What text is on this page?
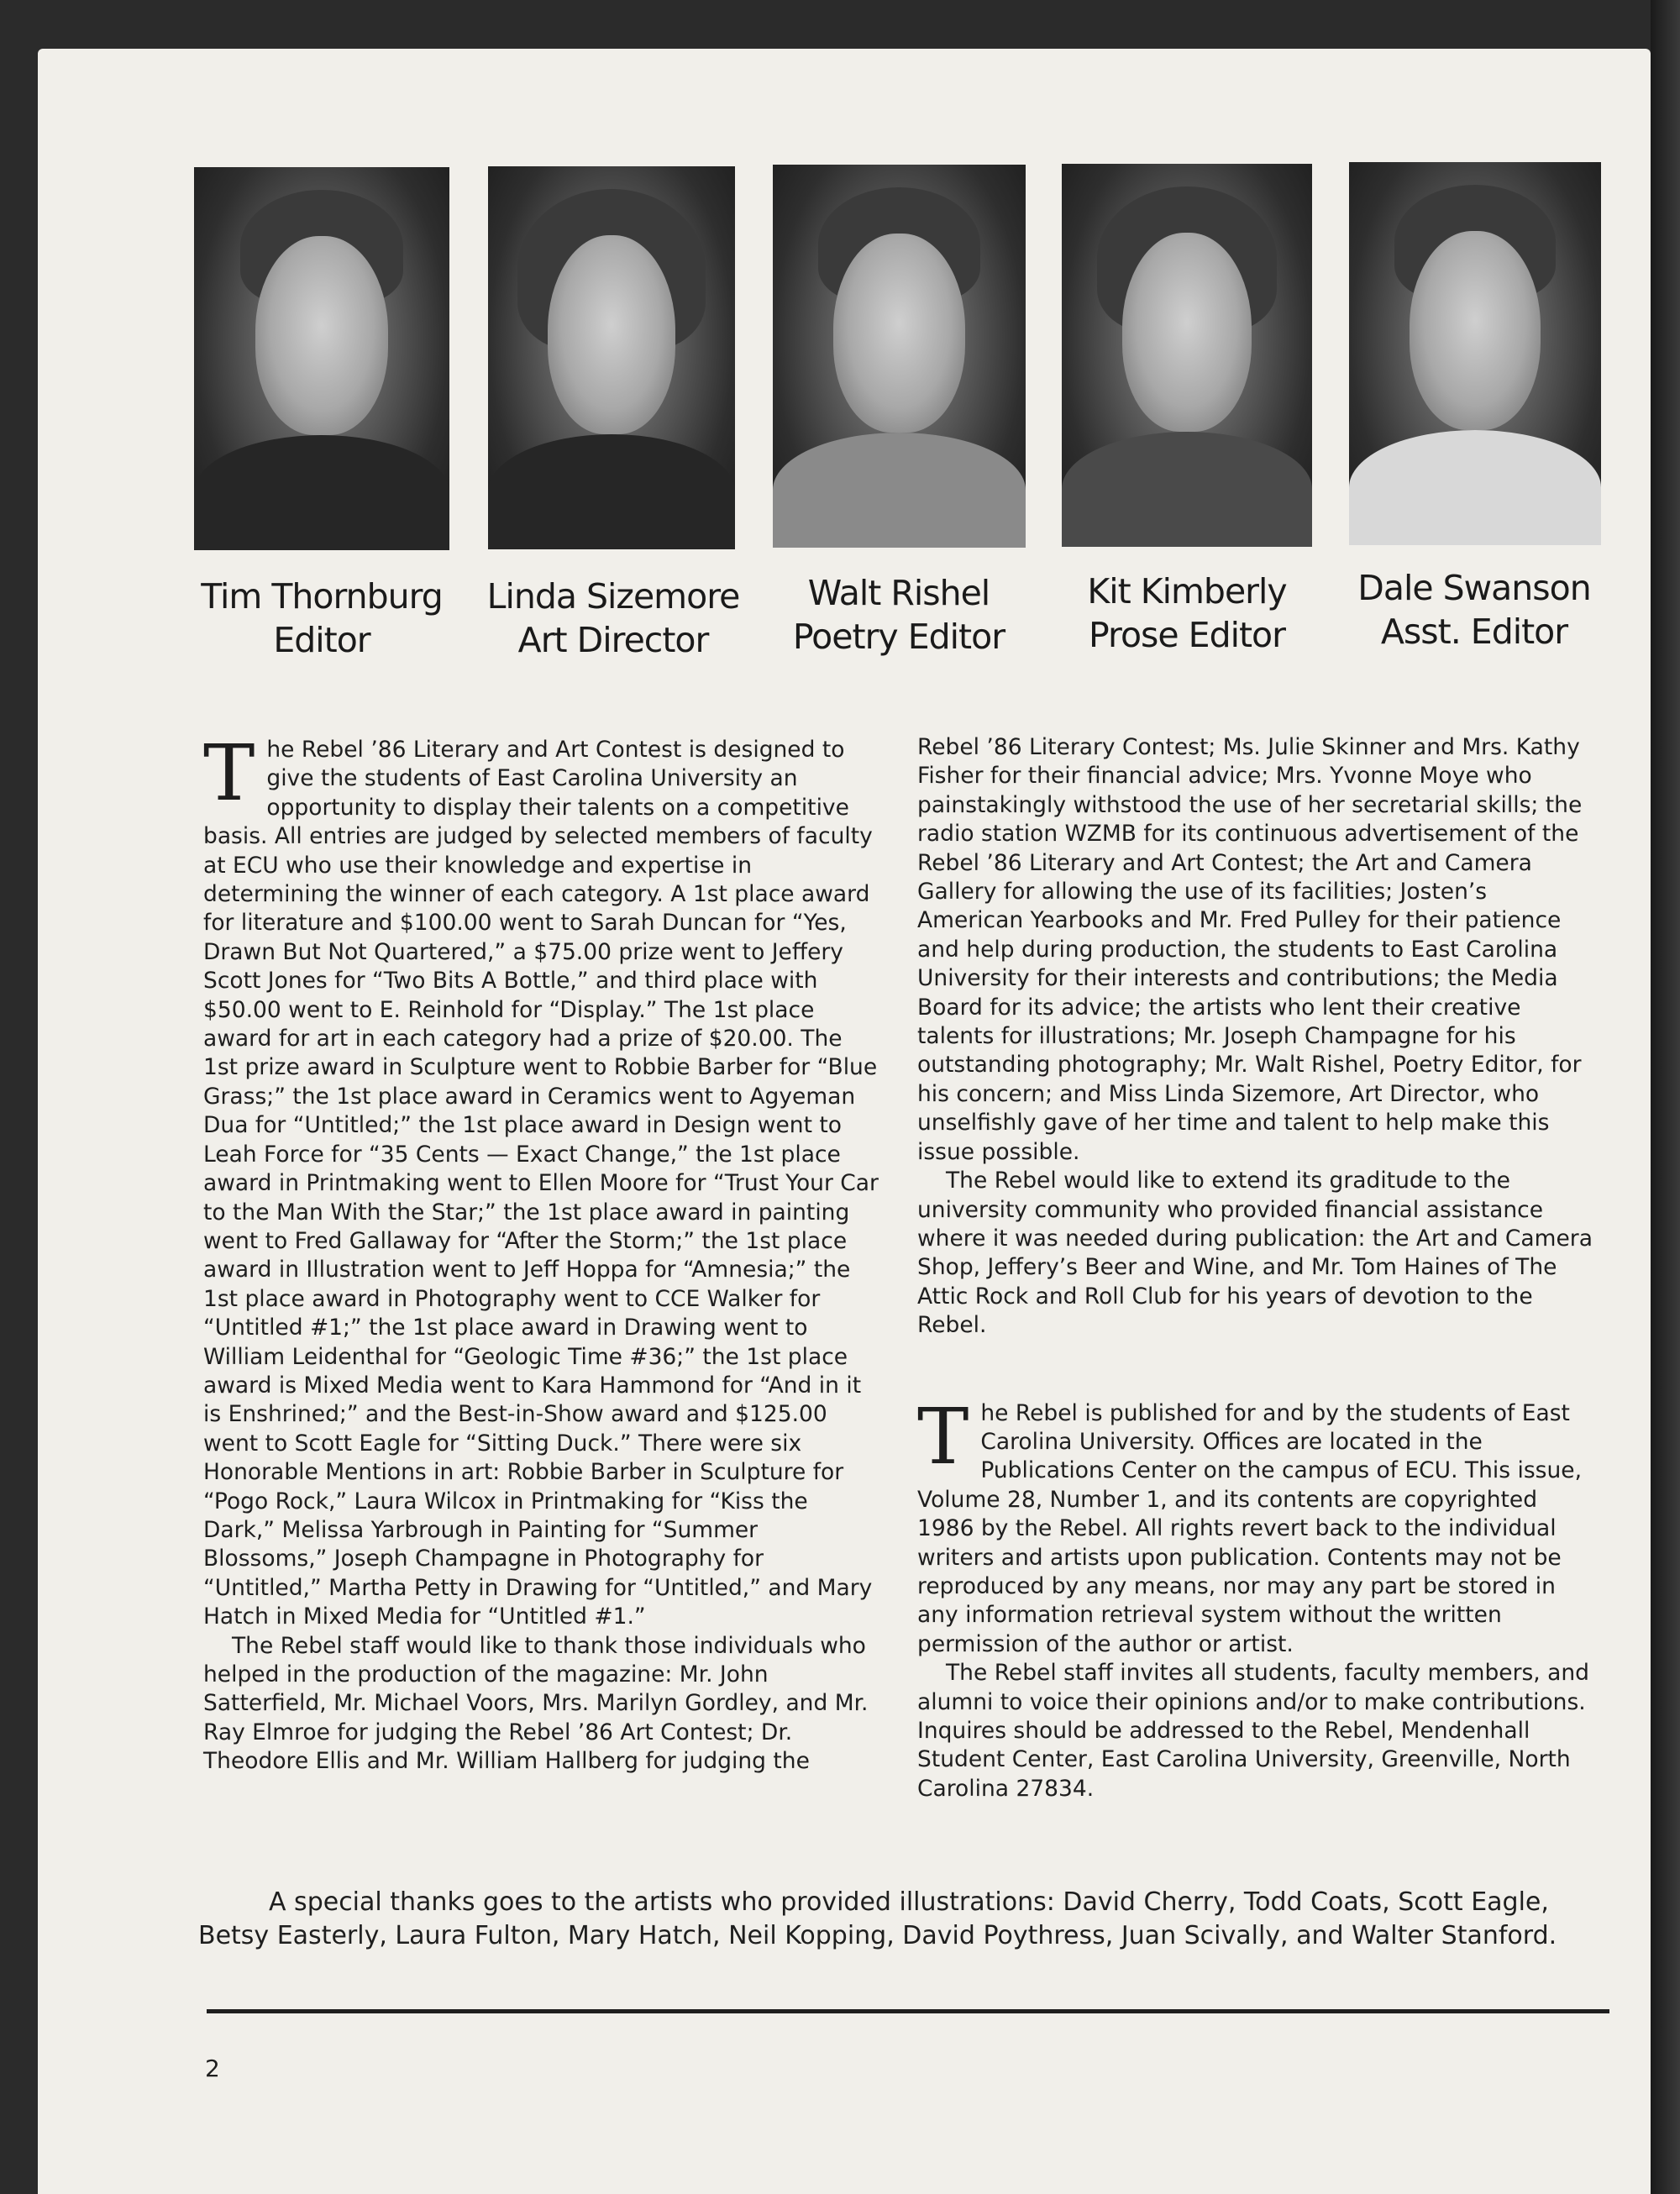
Tim Thornburg
Editor
Linda Sizemore
Art Director
Walt Rishel
Poetry Editor
Kit Kimberly
Prose Editor
Dale Swanson
Asst. Editor

The Rebel ’86 Literary and Art Contest is designed to give the students of East Carolina University an opportunity to display their talents on a competitive basis. All entries are judged by selected members of faculty at ECU who use their knowledge and expertise in determining the winner of each category. A 1st place award for literature and $100.00 went to Sarah Duncan for “Yes, Drawn But Not Quartered,” a $75.00 prize went to Jeffery Scott Jones for “Two Bits A Bottle,” and third place with $50.00 went to E. Reinhold for “Display.” The 1st place award for art in each category had a prize of $20.00. The 1st prize award in Sculpture went to Robbie Barber for “Blue Grass;” the 1st place award in Ceramics went to Agyeman Dua for “Untitled;” the 1st place award in Design went to Leah Force for “35 Cents — Exact Change,” the 1st place award in Printmaking went to Ellen Moore for “Trust Your Car to the Man With the Star;” the 1st place award in painting went to Fred Gallaway for “After the Storm;” the 1st place award in Illustration went to Jeff Hoppa for “Amnesia;” the 1st place award in Photography went to CCE Walker for “Untitled #1;” the 1st place award in Drawing went to William Leidenthal for “Geologic Time #36;” the 1st place award is Mixed Media went to Kara Hammond for “And in it is Enshrined;” and the Best-in-Show award and $125.00 went to Scott Eagle for “Sitting Duck.” There were six Honorable Mentions in art: Robbie Barber in Sculpture for “Pogo Rock,” Laura Wilcox in Printmaking for “Kiss the Dark,” Melissa Yarbrough in Painting for “Summer Blossoms,” Joseph Champagne in Photography for “Untitled,” Martha Petty in Drawing for “Untitled,” and Mary Hatch in Mixed Media for “Untitled #1.”

The Rebel staff would like to thank those individuals who helped in the production of the magazine: Mr. John Satterfield, Mr. Michael Voors, Mrs. Marilyn Gordley, and Mr. Ray Elmroe for judging the Rebel ’86 Art Contest; Dr. Theodore Ellis and Mr. William Hallberg for judging the

Rebel ’86 Literary Contest; Ms. Julie Skinner and Mrs. Kathy Fisher for their financial advice; Mrs. Yvonne Moye who painstakingly withstood the use of her secretarial skills; the radio station WZMB for its continuous advertisement of the Rebel ’86 Literary and Art Contest; the Art and Camera Gallery for allowing the use of its facilities; Josten’s American Yearbooks and Mr. Fred Pulley for their patience and help during production, the students to East Carolina University for their interests and contributions; the Media Board for its advice; the artists who lent their creative talents for illustrations; Mr. Joseph Champagne for his outstanding photography; Mr. Walt Rishel, Poetry Editor, for his concern; and Miss Linda Sizemore, Art Director, who unselfishly gave of her time and talent to help make this issue possible.

The Rebel would like to extend its graditude to the university community who provided financial assistance where it was needed during publication: the Art and Camera Shop, Jeffery’s Beer and Wine, and Mr. Tom Haines of The Attic Rock and Roll Club for his years of devotion to the Rebel.

The Rebel is published for and by the students of East Carolina University. Offices are located in the Publications Center on the campus of ECU. This issue, Volume 28, Number 1, and its contents are copyrighted 1986 by the Rebel. All rights revert back to the individual writers and artists upon publication. Contents may not be reproduced by any means, nor may any part be stored in any information retrieval system without the written permission of the author or artist.

The Rebel staff invites all students, faculty members, and alumni to voice their opinions and/or to make contributions. Inquires should be addressed to the Rebel, Mendenhall Student Center, East Carolina University, Greenville, North Carolina 27834.

A special thanks goes to the artists who provided illustrations: David Cherry, Todd Coats, Scott Eagle, Betsy Easterly, Laura Fulton, Mary Hatch, Neil Kopping, David Poythress, Juan Scivally, and Walter Stanford.
2
